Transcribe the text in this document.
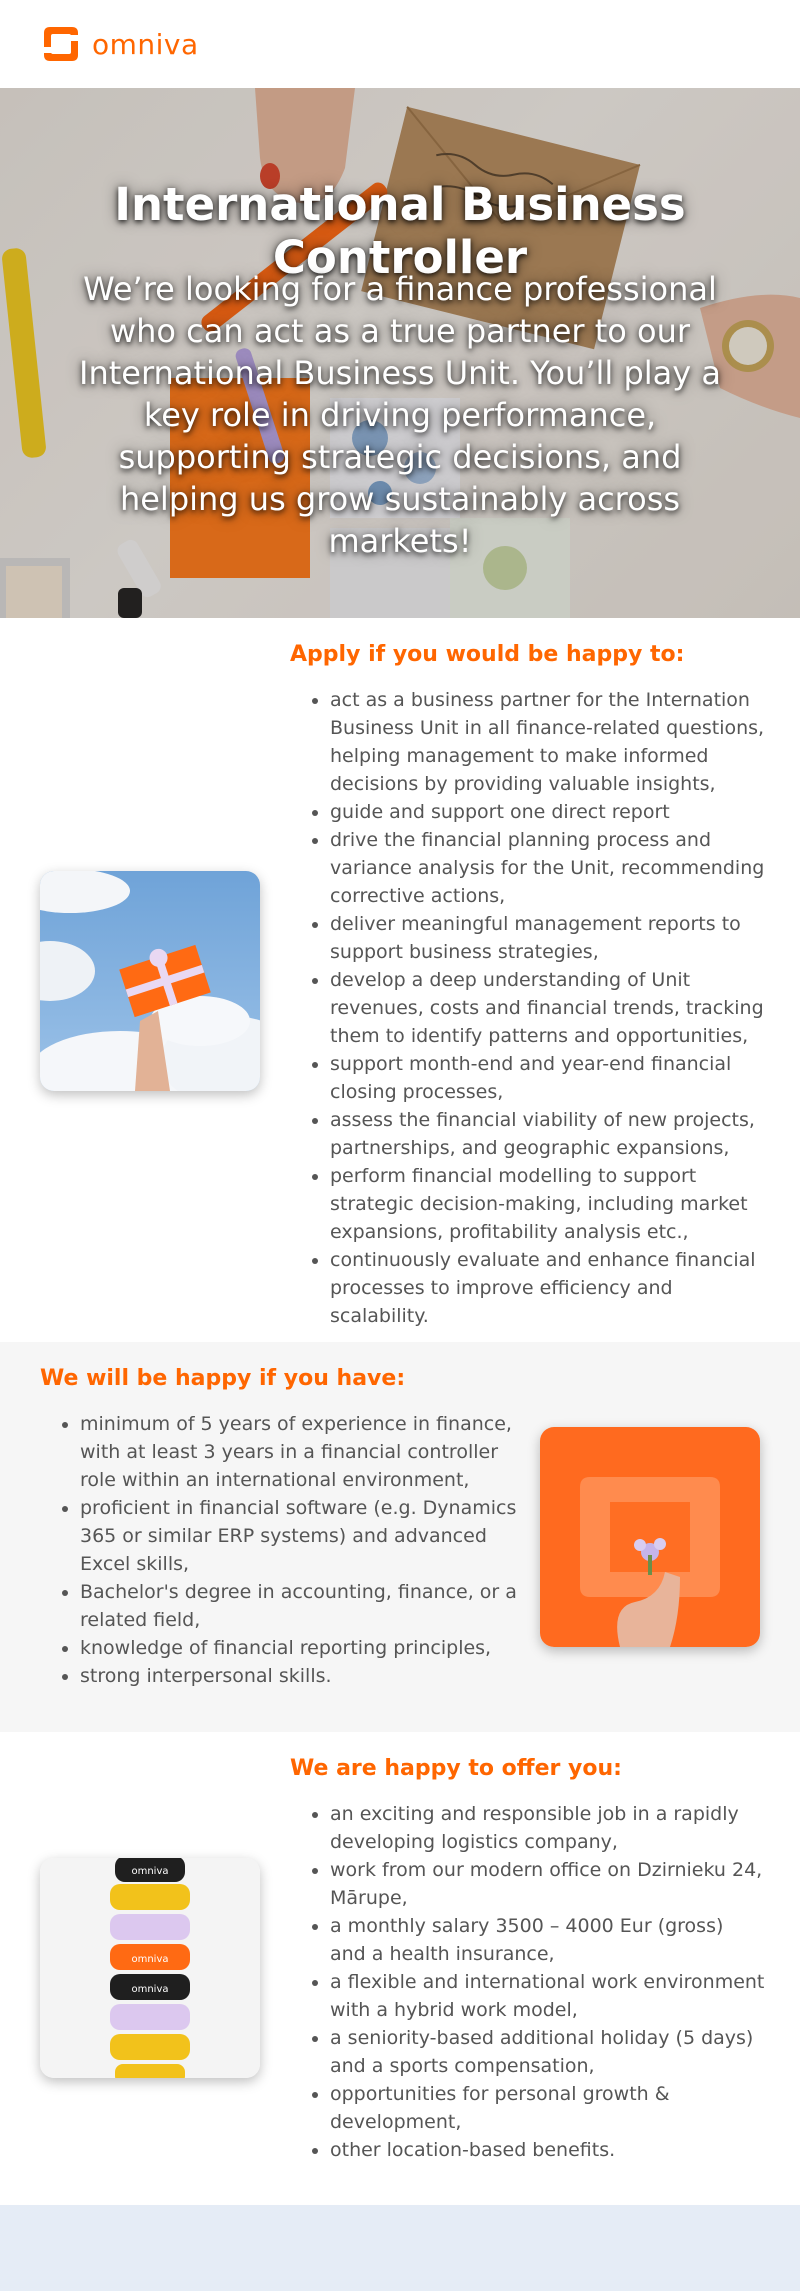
omniva
International Business Controller

We’re looking for a finance professional who can act as a true partner to our International Business Unit. You’ll play a key role in driving performance, supporting strategic decisions, and helping us grow sustainably across markets!

Apply if you would be happy to:
• act as a business partner for the Internation Business Unit in all finance-related questions, helping management to make informed decisions by providing valuable insights,
• guide and support one direct report
• drive the financial planning process and variance analysis for the Unit, recommending corrective actions,
• deliver meaningful management reports to support business strategies,
• develop a deep understanding of Unit revenues, costs and financial trends, tracking them to identify patterns and opportunities,
• support month-end and year-end financial closing processes,
• assess the financial viability of new projects, partnerships, and geographic expansions,
• perform financial modelling to support strategic decision-making, including market expansions, profitability analysis etc.,
• continuously evaluate and enhance financial processes to improve efficiency and scalability.
We will be happy if you have:
• minimum of 5 years of experience in finance, with at least 3 years in a financial controller role within an international environment,
• proficient in financial software (e.g. Dynamics 365 or similar ERP systems) and advanced Excel skills,
• Bachelor's degree in accounting, finance, or a related field,
• knowledge of financial reporting principles,
• strong interpersonal skills.
omniva
omniva
omniva
We are happy to offer you:
• an exciting and responsible job in a rapidly developing logistics company,
• work from our modern office on Dzirnieku 24, Mārupe,
• a monthly salary 3500 – 4000 Eur (gross) and a health insurance,
• a flexible and international work environment with a hybrid work model,
• a seniority-based additional holiday (5 days) and a sports compensation,
• opportunities for personal growth & development,
• other location-based benefits.
